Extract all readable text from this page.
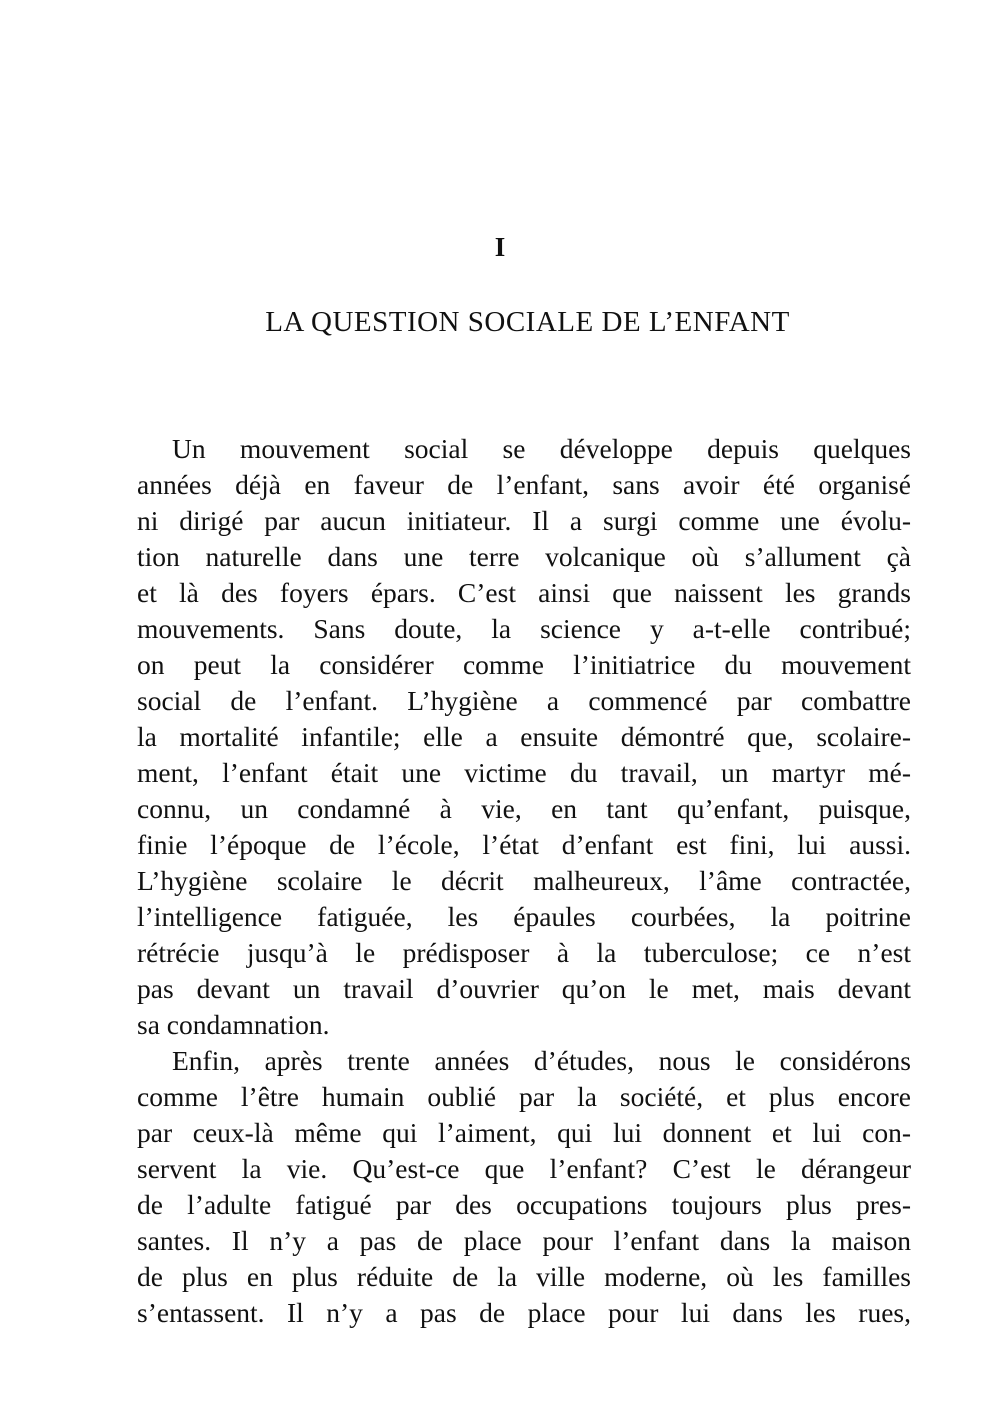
I
LA QUESTION SOCIALE DE L’ENFANT
Un mouvement social se développe depuis quelques
années déjà en faveur de l’enfant, sans avoir été organisé
ni dirigé par aucun initiateur. Il a surgi comme une évolu-
tion naturelle dans une terre volcanique où s’allument çà
et là des foyers épars. C’est ainsi que naissent les grands
mouvements. Sans doute, la science y a-t-elle contribué;
on peut la considérer comme l’initiatrice du mouvement
social de l’enfant. L’hygiène a commencé par combattre
la mortalité infantile; elle a ensuite démontré que, scolaire-
ment, l’enfant était une victime du travail, un martyr mé-
connu, un condamné à vie, en tant qu’enfant, puisque,
finie l’époque de l’école, l’état d’enfant est fini, lui aussi.
L’hygiène scolaire le décrit malheureux, l’âme contractée,
l’intelligence fatiguée, les épaules courbées, la poitrine
rétrécie jusqu’à le prédisposer à la tuberculose; ce n’est
pas devant un travail d’ouvrier qu’on le met, mais devant
sa condamnation.
Enfin, après trente années d’études, nous le considérons
comme l’être humain oublié par la société, et plus encore
par ceux-là même qui l’aiment, qui lui donnent et lui con-
servent la vie. Qu’est-ce que l’enfant? C’est le dérangeur
de l’adulte fatigué par des occupations toujours plus pres-
santes. Il n’y a pas de place pour l’enfant dans la maison
de plus en plus réduite de la ville moderne, où les familles
s’entassent. Il n’y a pas de place pour lui dans les rues,
